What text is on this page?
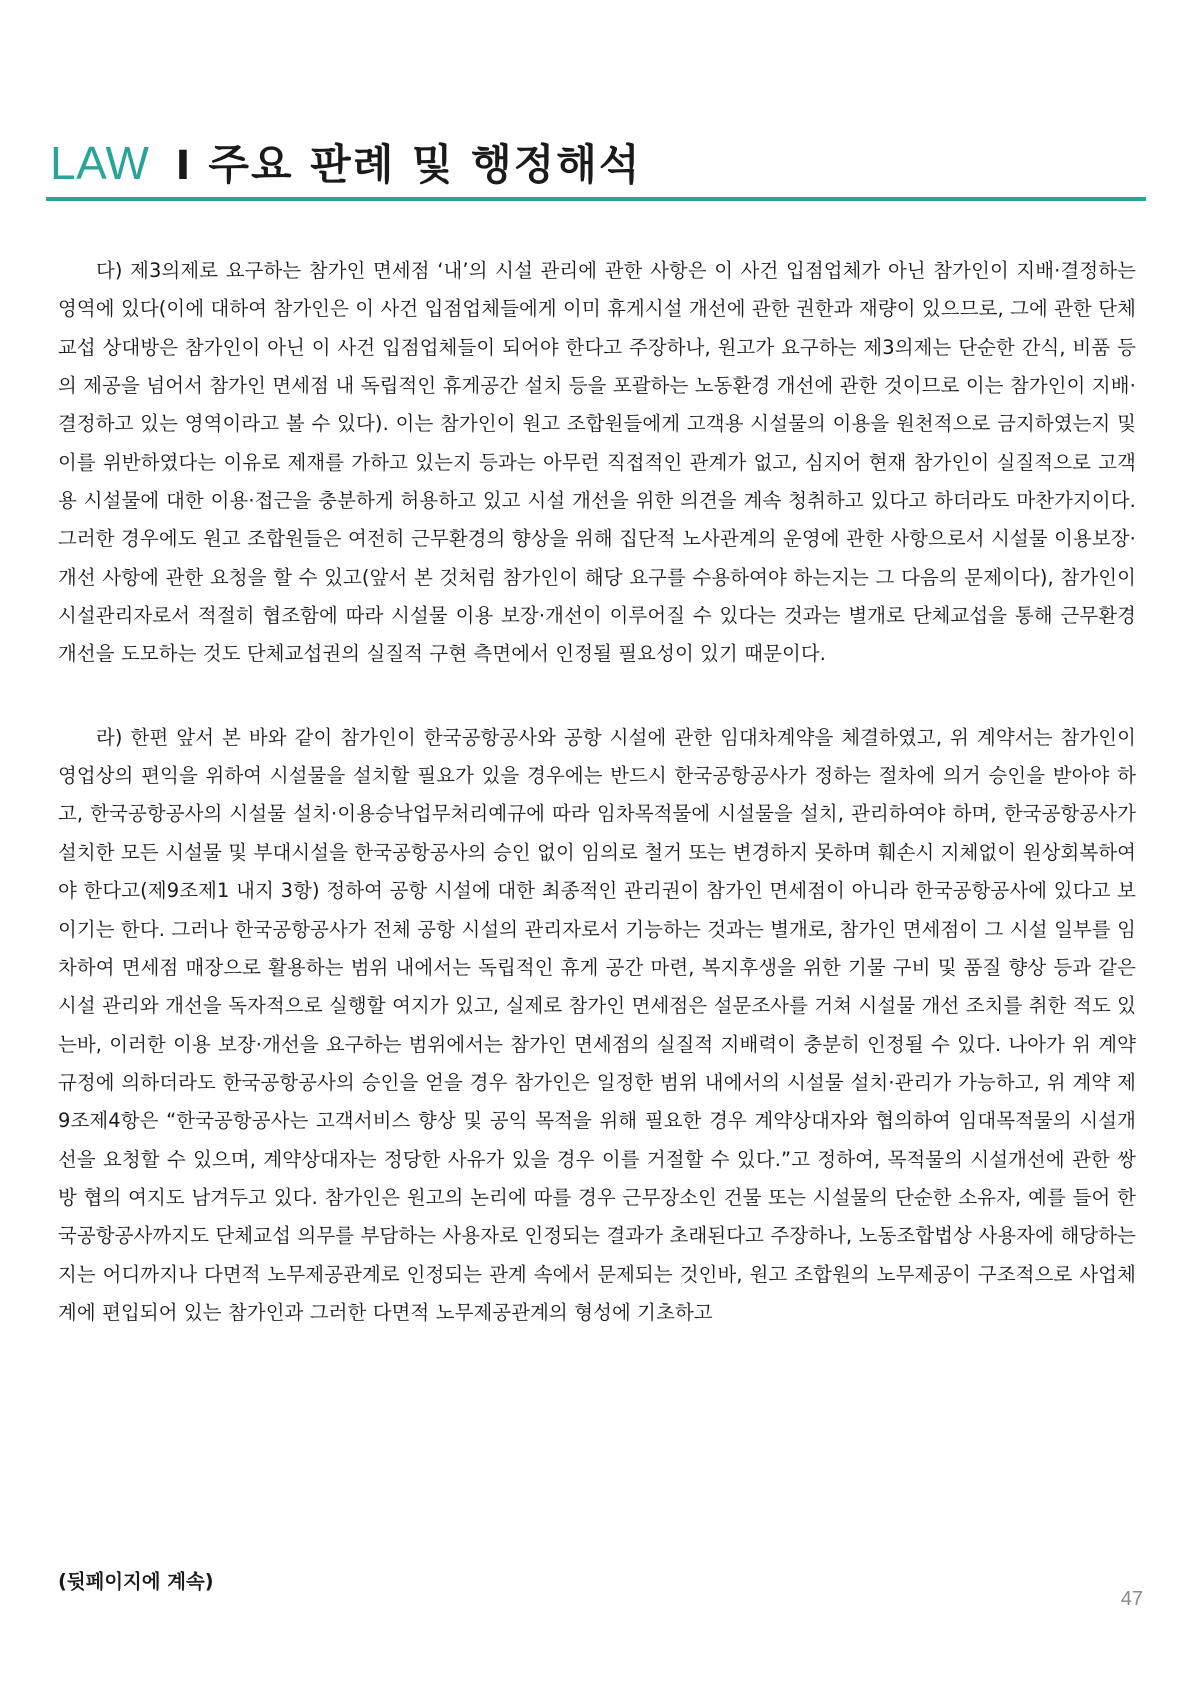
LAW I 주요 판례 및 행정해석

다) 제3의제로 요구하는 참가인 면세점 ‘내’의 시설 관리에 관한 사항은 이 사건 입점업체가 아닌 참가인이 지배·결정하는 영역에 있다(이에 대하여 참가인은 이 사건 입점업체들에게 이미 휴게시설 개선에 관한 권한과 재량이 있으므로, 그에 관한 단체교섭 상대방은 참가인이 아닌 이 사건 입점업체들이 되어야 한다고 주장하나, 원고가 요구하는 제3의제는 단순한 간식, 비품 등의 제공을 넘어서 참가인 면세점 내 독립적인 휴게공간 설치 등을 포괄하는 노동환경 개선에 관한 것이므로 이는 참가인이 지배·결정하고 있는 영역이라고 볼 수 있다). 이는 참가인이 원고 조합원들에게 고객용 시설물의 이용을 원천적으로 금지하였는지 및 이를 위반하였다는 이유로 제재를 가하고 있는지 등과는 아무런 직접적인 관계가 없고, 심지어 현재 참가인이 실질적으로 고객용 시설물에 대한 이용·접근을 충분하게 허용하고 있고 시설 개선을 위한 의견을 계속 청취하고 있다고 하더라도 마찬가지이다. 그러한 경우에도 원고 조합원들은 여전히 근무환경의 향상을 위해 집단적 노사관계의 운영에 관한 사항으로서 시설물 이용보장·개선 사항에 관한 요청을 할 수 있고(앞서 본 것처럼 참가인이 해당 요구를 수용하여야 하는지는 그 다음의 문제이다), 참가인이 시설관리자로서 적절히 협조함에 따라 시설물 이용 보장·개선이 이루어질 수 있다는 것과는 별개로 단체교섭을 통해 근무환경 개선을 도모하는 것도 단체교섭권의 실질적 구현 측면에서 인정될 필요성이 있기 때문이다.

라) 한편 앞서 본 바와 같이 참가인이 한국공항공사와 공항 시설에 관한 임대차계약을 체결하였고, 위 계약서는 참가인이 영업상의 편익을 위하여 시설물을 설치할 필요가 있을 경우에는 반드시 한국공항공사가 정하는 절차에 의거 승인을 받아야 하고, 한국공항공사의 시설물 설치·이용승낙업무처리예규에 따라 임차목적물에 시설물을 설치, 관리하여야 하며, 한국공항공사가 설치한 모든 시설물 및 부대시설을 한국공항공사의 승인 없이 임의로 철거 또는 변경하지 못하며 훼손시 지체없이 원상회복하여야 한다고(제9조제1 내지 3항) 정하여 공항 시설에 대한 최종적인 관리권이 참가인 면세점이 아니라 한국공항공사에 있다고 보이기는 한다. 그러나 한국공항공사가 전체 공항 시설의 관리자로서 기능하는 것과는 별개로, 참가인 면세점이 그 시설 일부를 임차하여 면세점 매장으로 활용하는 범위 내에서는 독립적인 휴게 공간 마련, 복지후생을 위한 기물 구비 및 품질 향상 등과 같은 시설 관리와 개선을 독자적으로 실행할 여지가 있고, 실제로 참가인 면세점은 설문조사를 거쳐 시설물 개선 조치를 취한 적도 있는바, 이러한 이용 보장·개선을 요구하는 범위에서는 참가인 면세점의 실질적 지배력이 충분히 인정될 수 있다. 나아가 위 계약 규정에 의하더라도 한국공항공사의 승인을 얻을 경우 참가인은 일정한 범위 내에서의 시설물 설치·관리가 가능하고, 위 계약 제9조제4항은 “한국공항공사는 고객서비스 향상 및 공익 목적을 위해 필요한 경우 계약상대자와 협의하여 임대목적물의 시설개선을 요청할 수 있으며, 계약상대자는 정당한 사유가 있을 경우 이를 거절할 수 있다.”고 정하여, 목적물의 시설개선에 관한 쌍방 협의 여지도 남겨두고 있다. 참가인은 원고의 논리에 따를 경우 근무장소인 건물 또는 시설물의 단순한 소유자, 예를 들어 한국공항공사까지도 단체교섭 의무를 부담하는 사용자로 인정되는 결과가 초래된다고 주장하나, 노동조합법상 사용자에 해당하는지는 어디까지나 다면적 노무제공관계로 인정되는 관계 속에서 문제되는 것인바, 원고 조합원의 노무제공이 구조적으로 사업체계에 편입되어 있는 참가인과 그러한 다면적 노무제공관계의 형성에 기초하고

(뒷페이지에 계속)
47
